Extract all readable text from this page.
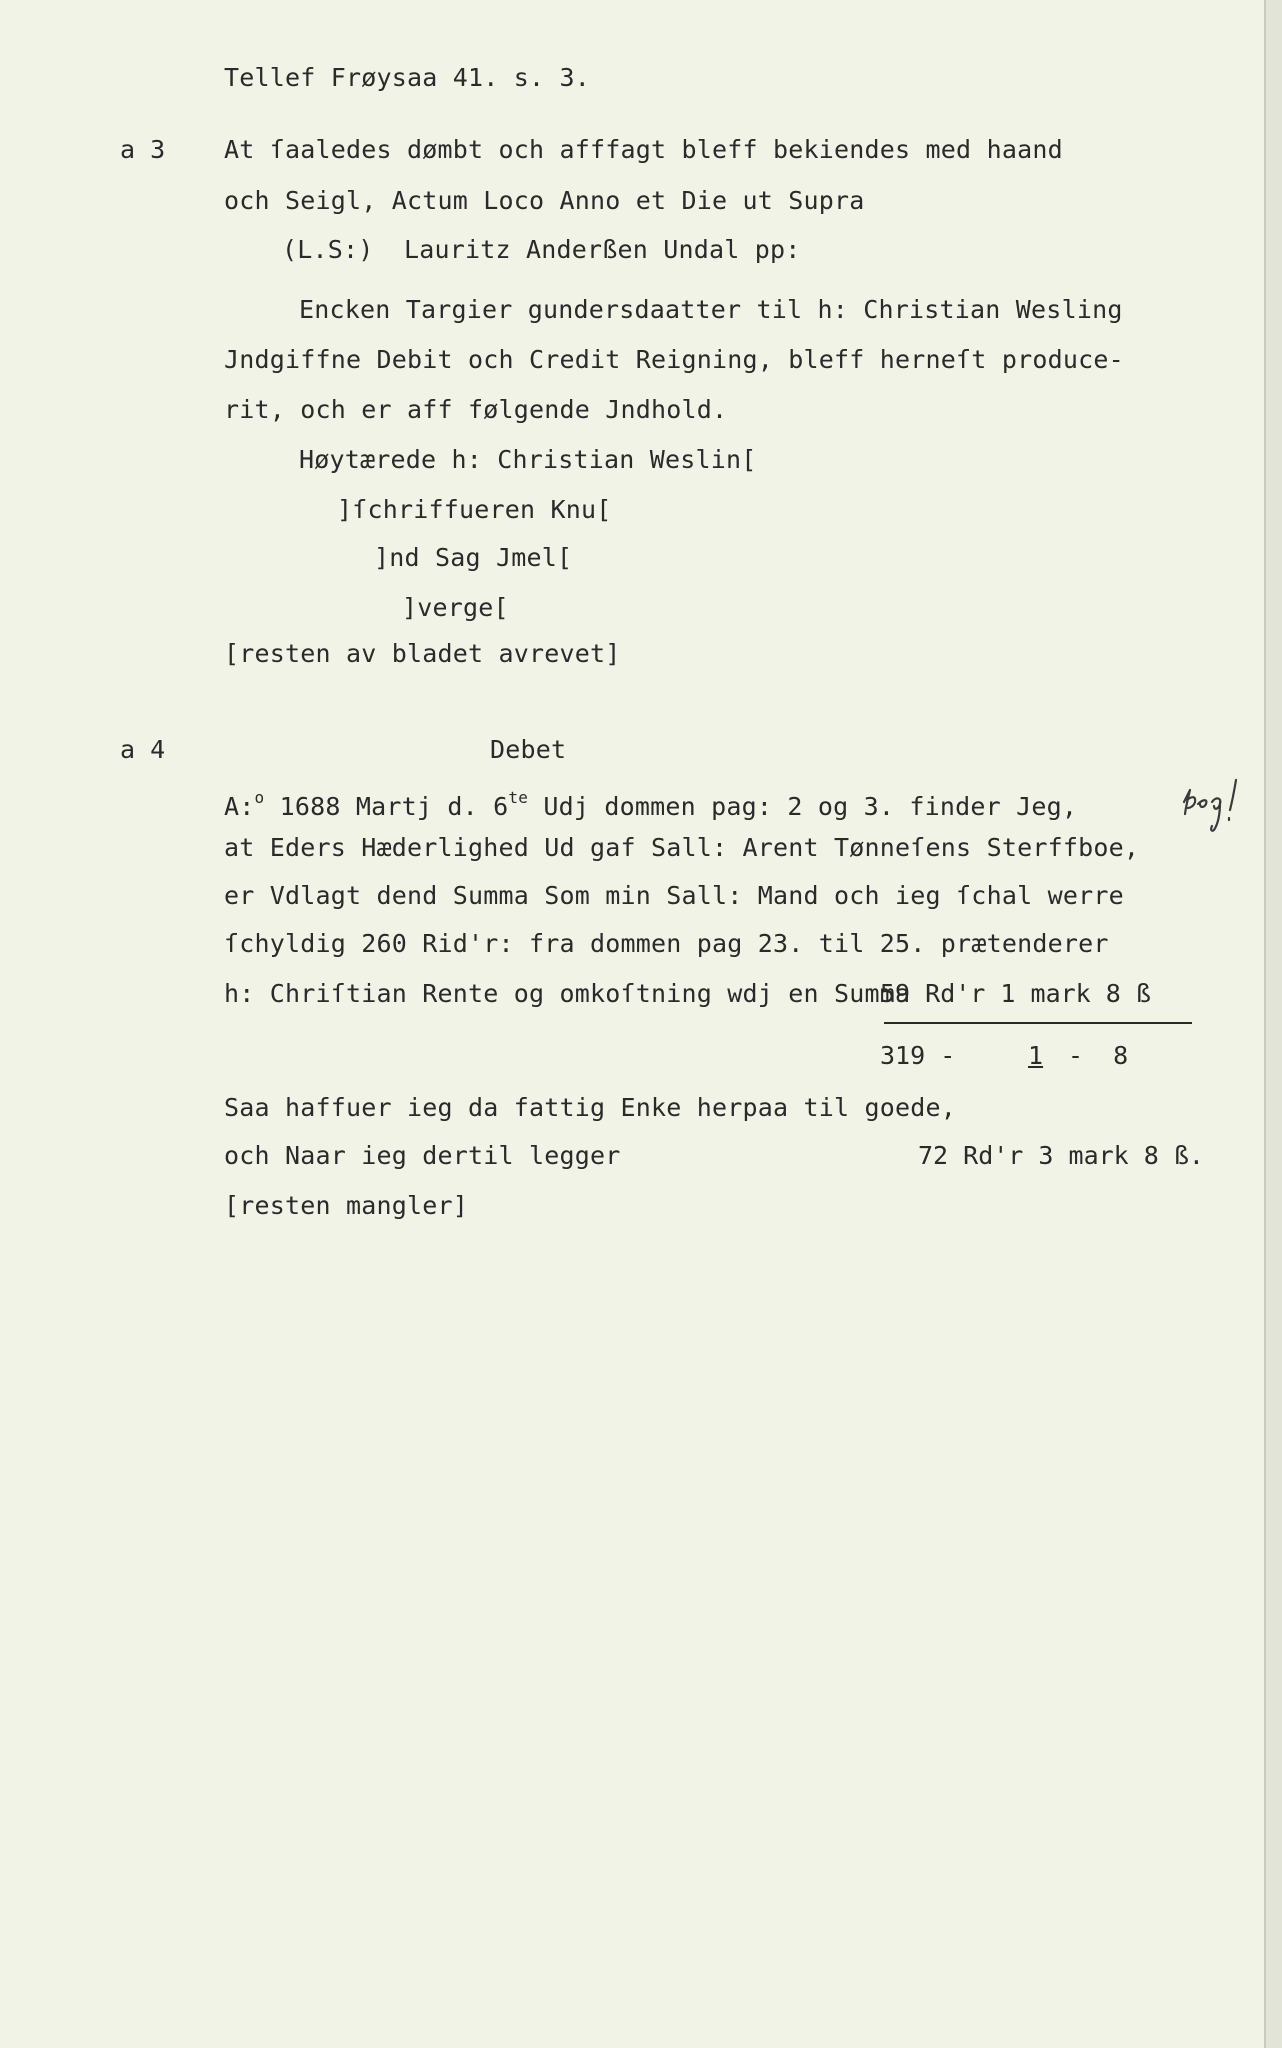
Tellef Frøysaa 41. s. 3.
a 3 At ſaaledes dømbt och afffagt bleff bekiendes med haand
och Seigl, Actum Loco Anno et Die ut Supra
(L.S:)  Lauritz Anderßen Undal pp:
Encken Targier gundersdaatter til h: Christian Wesling
Jndgiffne Debit och Credit Reigning, bleff herneſt producе-
rit, och er aff følgende Jndhold.
Høytærede h: Christian Weslin[
]ſchriffueren Knu[
]nd Sag Jmel[
]verge[
[resten av bladet avrevet]
a 4	Debet
A:$^o$ 1688 Martj d. $6^{te}$ Udj dommen pag: 2 og 3. finder Jeg,
at Eders Hæderlighed Ud gaf Sall: Arent Tønneſens Sterffboe,
er Vdlagt dend Summa Som min Sall: Mand och ieg ſchal werre
ſchyldig 260 Rid'r: fra dommen pag 23. til 25. prætenderer
h: Chriſtian Rente og omkoſtning wdj en Summa
59 Rd'r 1 mark 8 ß
319 -	1 -  8
Saa haffuer ieg da fattig Enke herpaa til goede,
och Naar ieg dertil legger	72 Rd'r 3 mark 8 ß.
[resten mangler]
